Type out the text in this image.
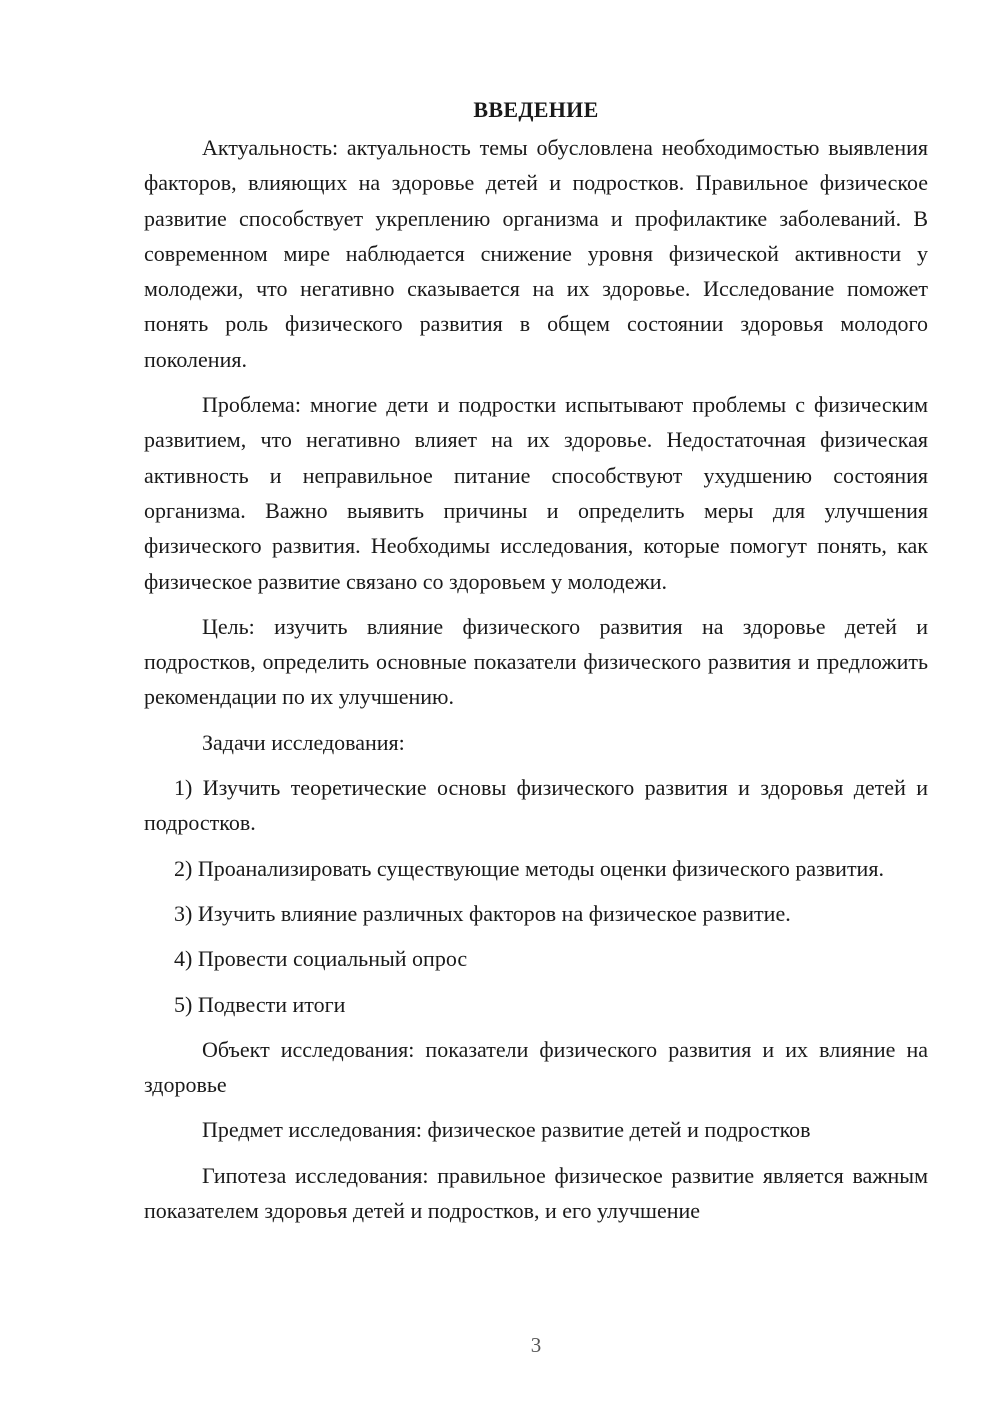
ВВЕДЕНИЕ

Актуальность: актуальность темы обусловлена необходимостью выявления факторов, влияющих на здоровье детей и подростков. Правильное физическое развитие способствует укреплению организма и профилактике заболеваний. В современном мире наблюдается снижение уровня физической активности у молодежи, что негативно сказывается на их здоровье. Исследование поможет понять роль физического развития в общем состоянии здоровья молодого поколения.

Проблема: многие дети и подростки испытывают проблемы с физическим развитием, что негативно влияет на их здоровье. Недостаточная физическая активность и неправильное питание способствуют ухудшению состояния организма. Важно выявить причины и определить меры для улучшения физического развития. Необходимы исследования, которые помогут понять, как физическое развитие связано со здоровьем у молодежи.

Цель: изучить влияние физического развития на здоровье детей и подростков, определить основные показатели физического развития и предложить рекомендации по их улучшению.

Задачи исследования:

1) Изучить теоретические основы физического развития и здоровья детей и подростков.

2) Проанализировать существующие методы оценки физического развития.

3) Изучить влияние различных факторов на физическое развитие.

4) Провести социальный опрос

5) Подвести итоги

Объект исследования: показатели физического развития и их влияние на здоровье

Предмет исследования: физическое развитие детей и подростков

Гипотеза исследования: правильное физическое развитие является важным показателем здоровья детей и подростков, и его улучшение

3
